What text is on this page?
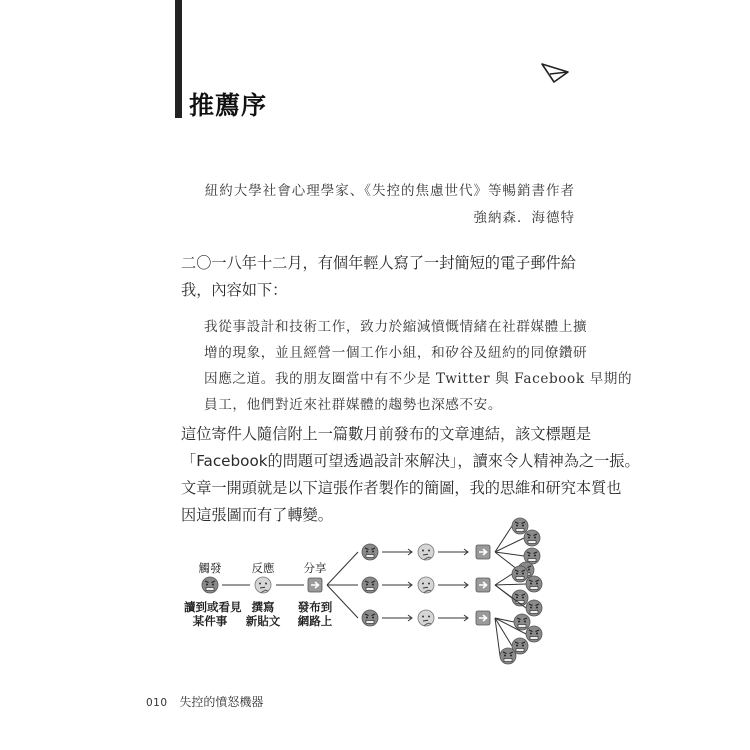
推薦序
紐約大學社會心理學家、《失控的焦慮世代》等暢銷書作者
強納森．海德特
二〇一八年十二月，有個年輕人寫了一封簡短的電子郵件給
我，內容如下：
我從事設計和技術工作，致力於縮減憤慨情緒在社群媒體上擴
增的現象，並且經營一個工作小組，和矽谷及紐約的同僚鑽研
因應之道。我的朋友圈當中有不少是 Twitter 與 Facebook 早期的
員工，他們對近來社群媒體的趨勢也深感不安。
這位寄件人隨信附上一篇數月前發布的文章連結，該文標題是
「Facebook的問題可望透過設計來解決」，讀來令人精神為之一振。
文章一開頭就是以下這張作者製作的簡圖，我的思維和研究本質也
因這張圖而有了轉變。
觸發	反應	分享
讀到或看見
某件事
撰寫
新貼文
發布到
網路上
010 失控的憤怒機器
